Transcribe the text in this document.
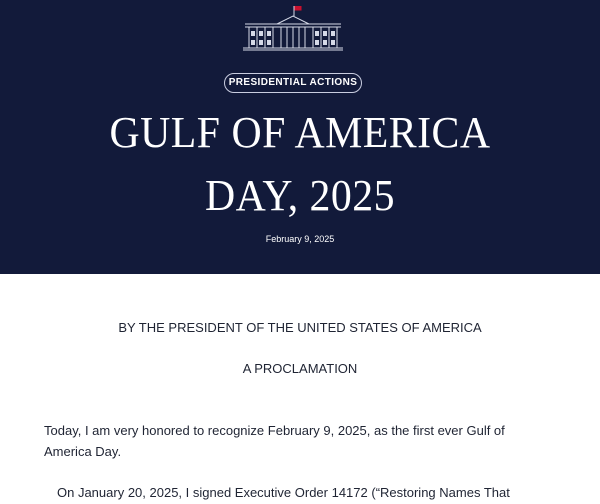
PRESIDENTIAL ACTIONS
GULF OF AMERICA
DAY, 2025
February 9, 2025
BY THE PRESIDENT OF THE UNITED STATES OF AMERICA
A PROCLAMATION
Today, I am very honored to recognize February 9, 2025, as the first ever Gulf of America Day.
On January 20, 2025, I signed Executive Order 14172 (“Restoring Names That
